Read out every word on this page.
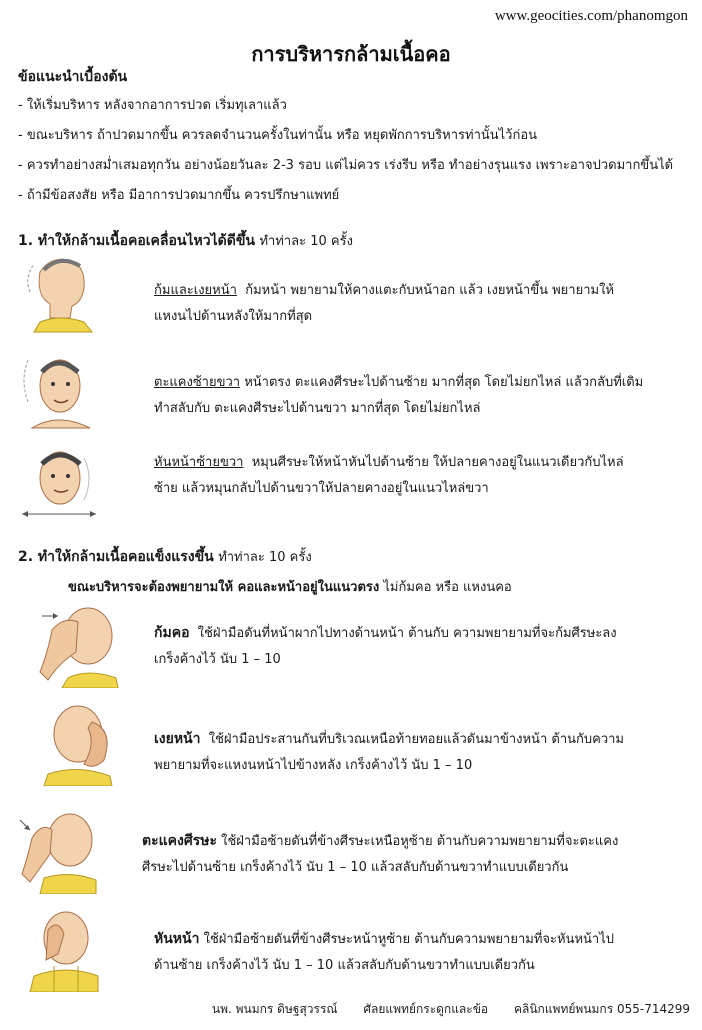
www.geocities.com/phanomgon
การบริหารกล้ามเนื้อคอ
ข้อแนะนำเบื้องต้น
- ให้เริ่มบริหาร หลังจากอาการปวด เริ่มทุเลาแล้ว
- ขณะบริหาร ถ้าปวดมากขึ้น ควรลดจำนวนครั้งในท่านั้น หรือ หยุดพักการบริหารท่านั้นไว้ก่อน
- ควรทำอย่างสม่ำเสมอทุกวัน อย่างน้อยวันละ 2-3 รอบ แต่ไม่ควร เร่งรีบ หรือ ทำอย่างรุนแรง เพราะอาจปวดมากขึ้นได้
- ถ้ามีข้อสงสัย หรือ มีอาการปวดมากขึ้น ควรปรึกษาแพทย์
1. ทำให้กล้ามเนื้อคอเคลื่อนไหวได้ดีขึ้น ทำท่าละ 10 ครั้ง
ก้มและเงยหน้า ก้มหน้า พยายามให้คางแตะกับหน้าอก แล้ว เงยหน้าขึ้น พยายามให้
แหงนไปด้านหลังให้มากที่สุด
ตะแคงซ้ายขวา หน้าตรง ตะแคงศีรษะไปด้านซ้าย มากที่สุด โดยไม่ยกไหล่ แล้วกลับที่เดิม
ทำสลับกับ ตะแคงศีรษะไปด้านขวา มากที่สุด โดยไม่ยกไหล่
หันหน้าซ้ายขวา หมุนศีรษะให้หน้าหันไปด้านซ้าย ให้ปลายคางอยู่ในแนวเดียวกับไหล่
ซ้าย แล้วหมุนกลับไปด้านขวาให้ปลายคางอยู่ในแนวไหล่ขวา
2. ทำให้กล้ามเนื้อคอแข็งแรงขึ้น ทำท่าละ 10 ครั้ง
ขณะบริหารจะต้องพยายามให้ คอและหน้าอยู่ในแนวตรง ไม่ก้มคอ หรือ แหงนคอ
ก้มคอ ใช้ฝ่ามือดันที่หน้าผากไปทางด้านหน้า ต้านกับ ความพยายามที่จะก้มศีรษะลง
เกร็งค้างไว้ นับ 1 – 10
เงยหน้า ใช้ฝ่ามือประสานกันที่บริเวณเหนือท้ายทอยแล้วดันมาข้างหน้า ต้านกับความ
พยายามที่จะแหงนหน้าไปข้างหลัง เกร็งค้างไว้ นับ 1 – 10
ตะแคงศีรษะ ใช้ฝ่ามือซ้ายดันที่ข้างศีรษะเหนือหูซ้าย ต้านกับความพยายามที่จะตะแคง
ศีรษะไปด้านซ้าย เกร็งค้างไว้ นับ 1 – 10 แล้วสลับกับด้านขวาทำแบบเดียวกัน
หันหน้า ใช้ฝ่ามือซ้ายดันที่ข้างศีรษะหน้าหูซ้าย ต้านกับความพยายามที่จะหันหน้าไป
ด้านซ้าย เกร็งค้างไว้ นับ 1 – 10 แล้วสลับกับด้านขวาทำแบบเดียวกัน
นพ. พนมกร ดิษฐสุวรรณ์ ศัลยแพทย์กระดูกและข้อ คลินิกแพทย์พนมกร 055-714299
